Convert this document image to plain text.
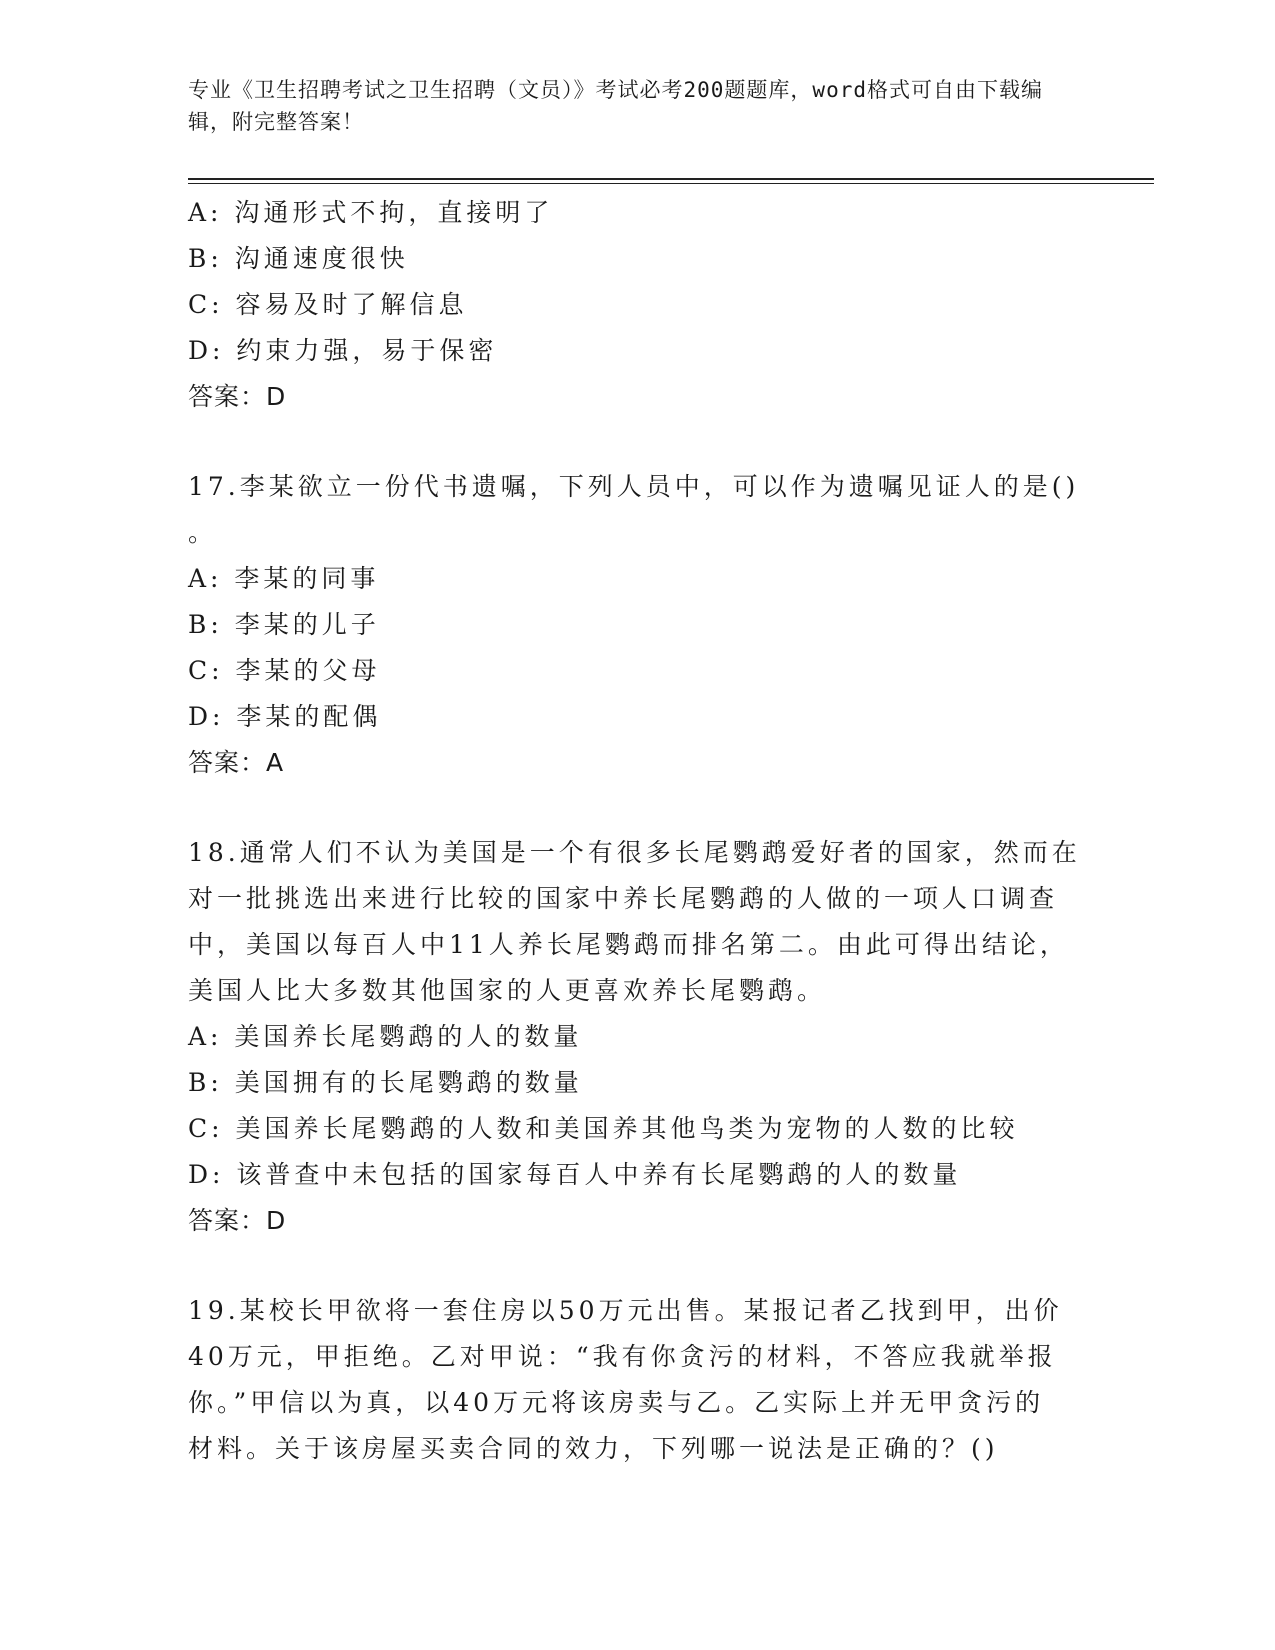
专业《卫生招聘考试之卫生招聘（文员）》考试必考200题题库，word格式可自由下载编辑，附完整答案！
A: 沟通形式不拘，直接明了
B: 沟通速度很快
C: 容易及时了解信息
D: 约束力强，易于保密
答案：D
17.李某欲立一份代书遗嘱，下列人员中，可以作为遗嘱见证人的是()
。
A: 李某的同事
B: 李某的儿子
C: 李某的父母
D: 李某的配偶
答案：A
18.通常人们不认为美国是一个有很多长尾鹦鹉爱好者的国家，然而在
对一批挑选出来进行比较的国家中养长尾鹦鹉的人做的一项人口调查
中，美国以每百人中11人养长尾鹦鹉而排名第二。由此可得出结论，
美国人比大多数其他国家的人更喜欢养长尾鹦鹉。
A: 美国养长尾鹦鹉的人的数量
B: 美国拥有的长尾鹦鹉的数量
C: 美国养长尾鹦鹉的人数和美国养其他鸟类为宠物的人数的比较
D: 该普查中未包括的国家每百人中养有长尾鹦鹉的人的数量
答案：D
19.某校长甲欲将一套住房以50万元出售。某报记者乙找到甲，出价
40万元，甲拒绝。乙对甲说：“我有你贪污的材料，不答应我就举报
你。”甲信以为真，以40万元将该房卖与乙。乙实际上并无甲贪污的
材料。关于该房屋买卖合同的效力，下列哪一说法是正确的？()
